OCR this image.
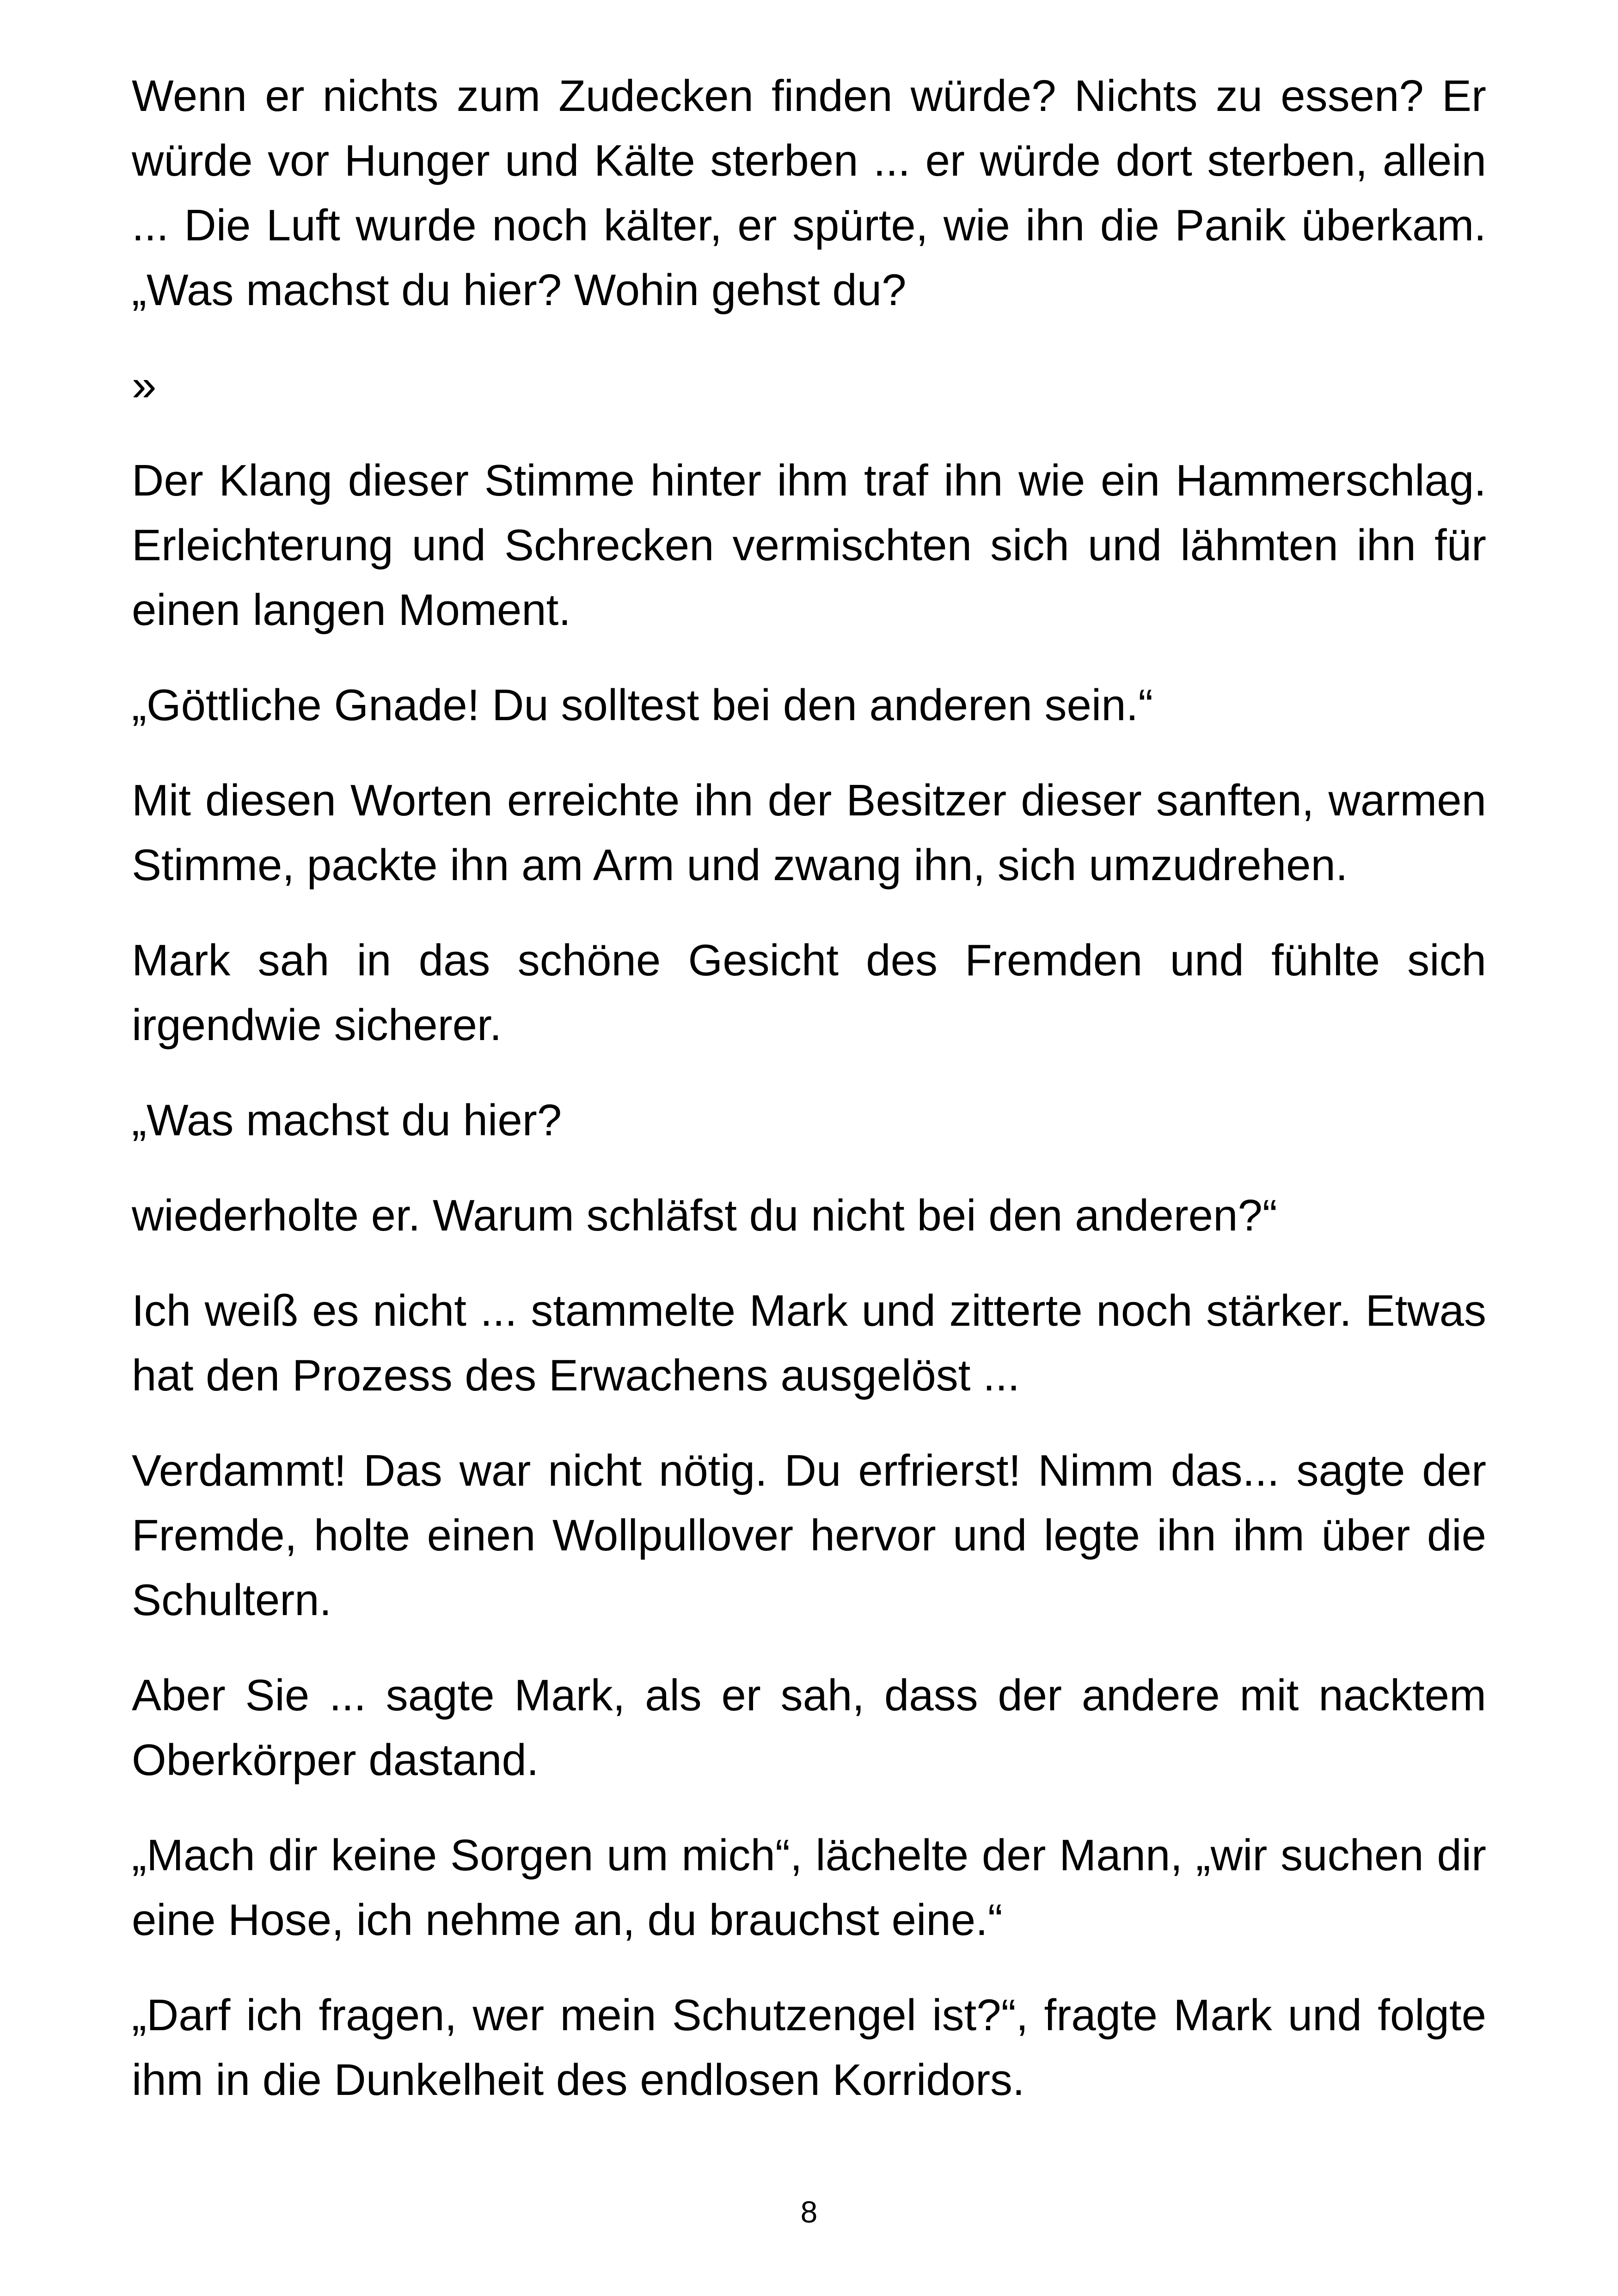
Wenn er nichts zum Zudecken finden würde? Nichts zu essen? Er würde vor Hunger und Kälte sterben ... er würde dort sterben, allein ... Die Luft wurde noch kälter, er spürte, wie ihn die Panik überkam. „Was machst du hier? Wohin gehst du?

»

Der Klang dieser Stimme hinter ihm traf ihn wie ein Hammerschlag. Erleichterung und Schrecken vermischten sich und lähmten ihn für einen langen Moment.

„Göttliche Gnade! Du solltest bei den anderen sein.“

Mit diesen Worten erreichte ihn der Besitzer dieser sanften, warmen Stimme, packte ihn am Arm und zwang ihn, sich umzudrehen.

Mark sah in das schöne Gesicht des Fremden und fühlte sich irgendwie sicherer.

„Was machst du hier?

wiederholte er. Warum schläfst du nicht bei den anderen?“

Ich weiß es nicht ... stammelte Mark und zitterte noch stärker. Etwas hat den Prozess des Erwachens ausgelöst ...

Verdammt! Das war nicht nötig. Du erfrierst! Nimm das... sagte der Fremde, holte einen Wollpullover hervor und legte ihn ihm über die Schultern.

Aber Sie ... sagte Mark, als er sah, dass der andere mit nacktem Oberkörper dastand.

„Mach dir keine Sorgen um mich“, lächelte der Mann, „wir suchen dir eine Hose, ich nehme an, du brauchst eine.“

„Darf ich fragen, wer mein Schutzengel ist?“, fragte Mark und folgte ihm in die Dunkelheit des endlosen Korridors.

8
